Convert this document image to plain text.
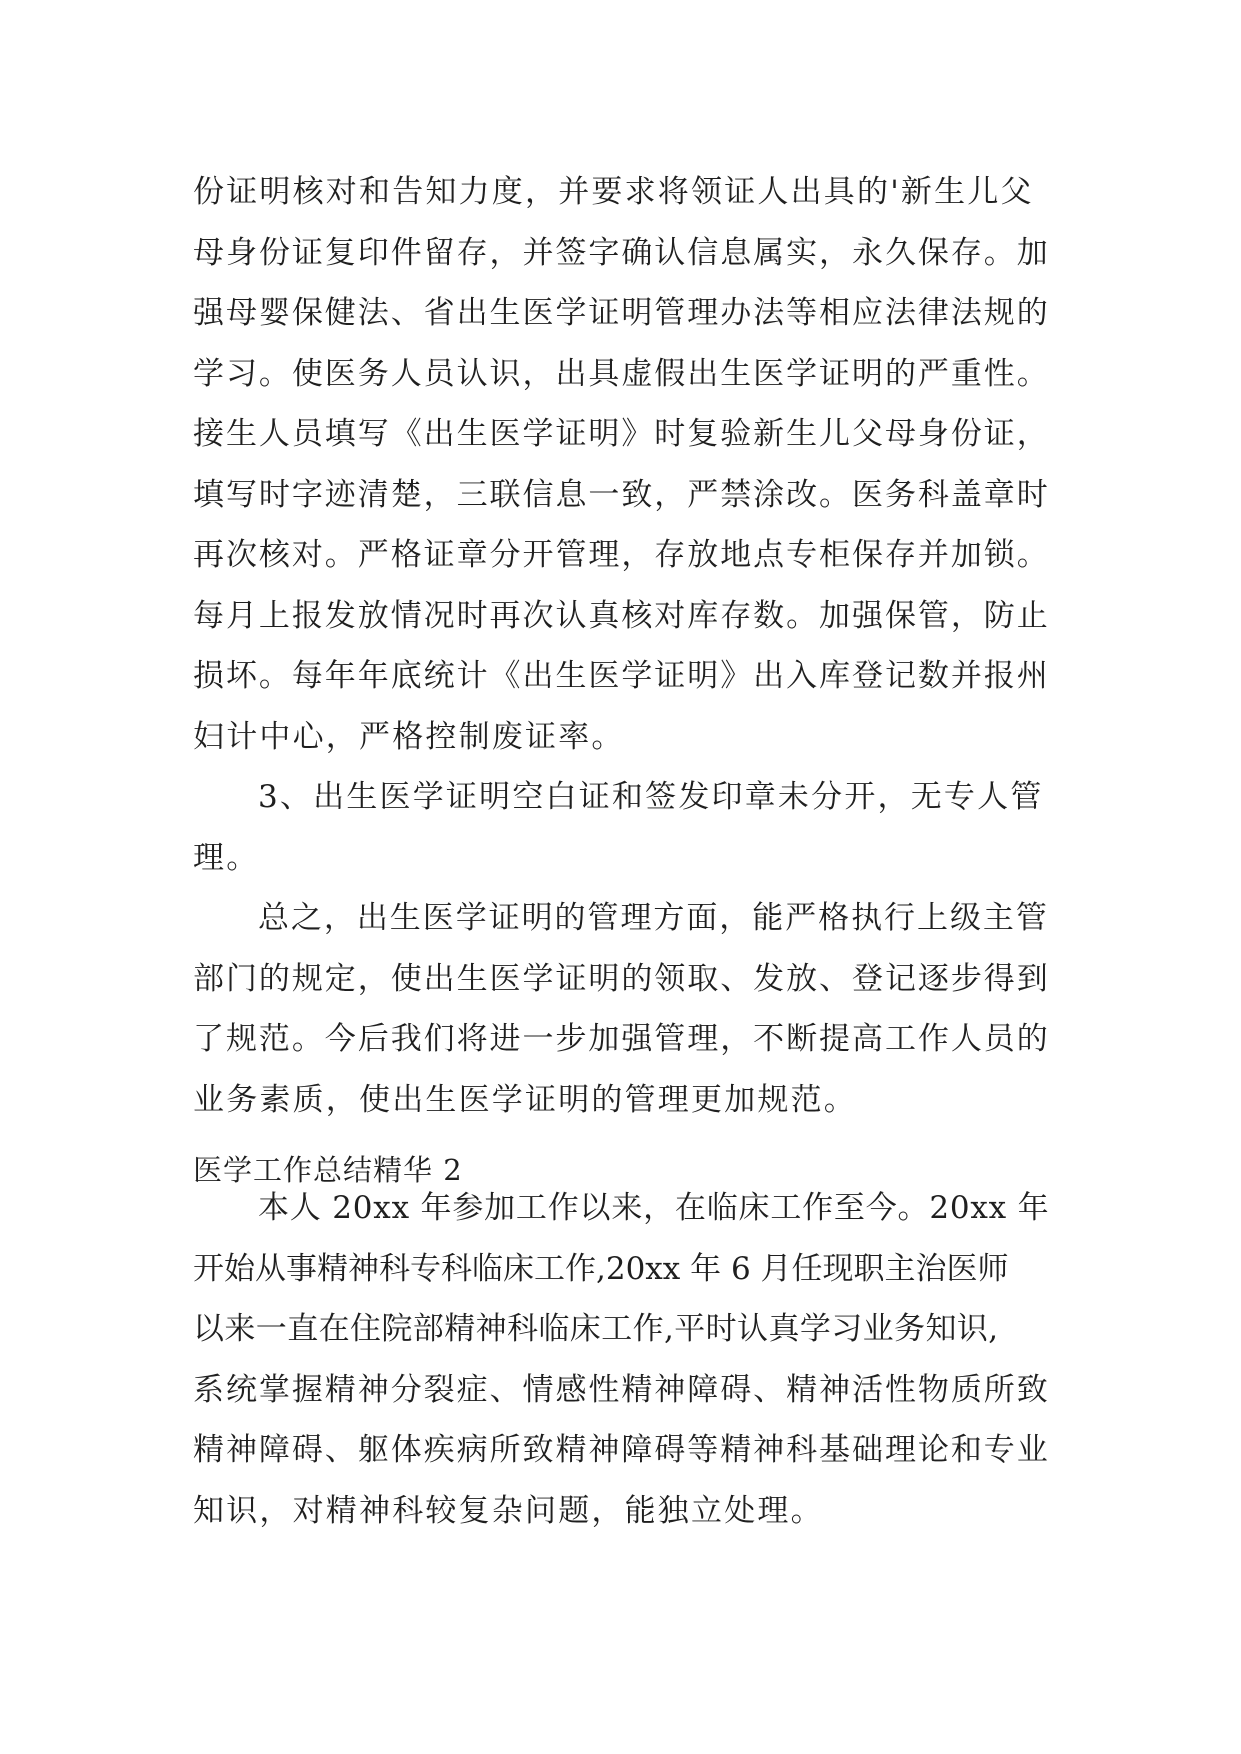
份证明核对和告知力度，并要求将领证人出具的'新生儿父
母身份证复印件留存，并签字确认信息属实，永久保存。加
强母婴保健法、省出生医学证明管理办法等相应法律法规的
学习。使医务人员认识，出具虚假出生医学证明的严重性。
接生人员填写《出生医学证明》时复验新生儿父母身份证，
填写时字迹清楚，三联信息一致，严禁涂改。医务科盖章时
再次核对。严格证章分开管理，存放地点专柜保存并加锁。
每月上报发放情况时再次认真核对库存数。加强保管，防止
损坏。每年年底统计《出生医学证明》出入库登记数并报州
妇计中心，严格控制废证率。
3、出生医学证明空白证和签发印章未分开，无专人管
理。
总之，出生医学证明的管理方面，能严格执行上级主管
部门的规定，使出生医学证明的领取、发放、登记逐步得到
了规范。今后我们将进一步加强管理，不断提高工作人员的
业务素质，使出生医学证明的管理更加规范。
医学工作总结精华 2
本人 20xx 年参加工作以来，在临床工作至今。20xx 年
开始从事精神科专科临床工作,20xx 年 6 月任现职主治医师
以来一直在住院部精神科临床工作,平时认真学习业务知识,
系统掌握精神分裂症、情感性精神障碍、精神活性物质所致
精神障碍、躯体疾病所致精神障碍等精神科基础理论和专业
知识，对精神科较复杂问题，能独立处理。
